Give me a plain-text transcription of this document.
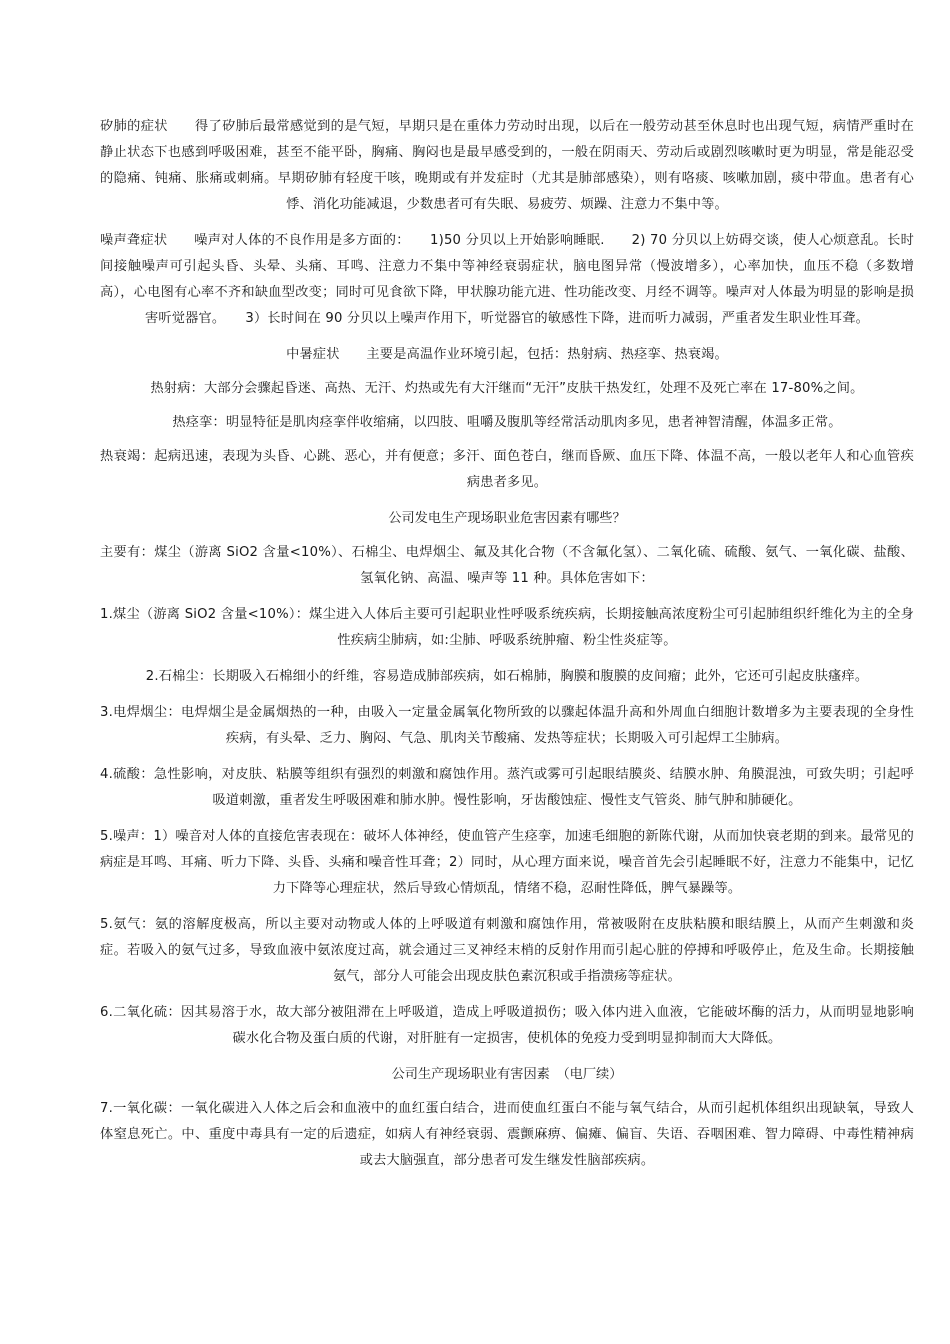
矽肺的症状　　得了矽肺后最常感觉到的是气短，早期只是在重体力劳动时出现，以后在一般劳动甚至休息时也出现气短，病情严重时在静止状态下也感到呼吸困难，甚至不能平卧，胸痛、胸闷也是最早感受到的，一般在阴雨天、劳动后或剧烈咳嗽时更为明显，常是能忍受的隐痛、钝痛、胀痛或刺痛。早期矽肺有轻度干咳，晚期或有并发症时（尤其是肺部感染），则有咯痰、咳嗽加剧，痰中带血。患者有心悸、消化功能减退，少数患者可有失眠、易疲劳、烦躁、注意力不集中等。

噪声聋症状　　噪声对人体的不良作用是多方面的：　　1)50 分贝以上开始影响睡眠.　　2) 70 分贝以上妨碍交谈，使人心烦意乱。长时间接触噪声可引起头昏、头晕、头痛、耳鸣、注意力不集中等神经衰弱症状，脑电图异常（慢波增多），心率加快，血压不稳（多数增高），心电图有心率不齐和缺血型改变；同时可见食欲下降，甲状腺功能亢进、性功能改变、月经不调等。噪声对人体最为明显的影响是损害听觉器官。　　3）长时间在 90 分贝以上噪声作用下，听觉器官的敏感性下降，进而听力减弱，严重者发生职业性耳聋。

中暑症状　　主要是高温作业环境引起，包括：热射病、热痉挛、热衰竭。

热射病：大部分会骤起昏迷、高热、无汗、灼热或先有大汗继而“无汗”皮肤干热发红，处理不及死亡率在 17-80%之间。

热痉挛：明显特征是肌肉痉挛伴收缩痛，以四肢、咀嚼及腹肌等经常活动肌肉多见，患者神智清醒，体温多正常。

热衰竭：起病迅速，表现为头昏、心跳、恶心，并有便意；多汗、面色苍白，继而昏厥、血压下降、体温不高，一般以老年人和心血管疾病患者多见。

公司发电生产现场职业危害因素有哪些？

主要有：煤尘（游离 SiO2 含量<10%）、石棉尘、电焊烟尘、氟及其化合物（不含氟化氢）、二氧化硫、硫酸、氨气、一氧化碳、盐酸、氢氧化钠、高温、噪声等 11 种。具体危害如下：

1.煤尘（游离 SiO2 含量<10%）：煤尘进入人体后主要可引起职业性呼吸系统疾病，长期接触高浓度粉尘可引起肺组织纤维化为主的全身性疾病尘肺病，如:尘肺、呼吸系统肿瘤、粉尘性炎症等。

2.石棉尘：长期吸入石棉细小的纤维，容易造成肺部疾病，如石棉肺，胸膜和腹膜的皮间瘤；此外，它还可引起皮肤瘙痒。

3.电焊烟尘：电焊烟尘是金属烟热的一种，由吸入一定量金属氧化物所致的以骤起体温升高和外周血白细胞计数增多为主要表现的全身性疾病，有头晕、乏力、胸闷、气急、肌肉关节酸痛、发热等症状；长期吸入可引起焊工尘肺病。

4.硫酸：急性影响，对皮肤、粘膜等组织有强烈的刺激和腐蚀作用。蒸汽或雾可引起眼结膜炎、结膜水肿、角膜混浊，可致失明；引起呼吸道刺激，重者发生呼吸困难和肺水肿。慢性影响，牙齿酸蚀症、慢性支气管炎、肺气肿和肺硬化。

5.噪声：1）噪音对人体的直接危害表现在：破坏人体神经，使血管产生痉挛，加速毛细胞的新陈代谢，从而加快衰老期的到来。最常见的病症是耳鸣、耳痛、听力下降、头昏、头痛和噪音性耳聋；2）同时，从心理方面来说，噪音首先会引起睡眠不好，注意力不能集中，记忆力下降等心理症状，然后导致心情烦乱，情绪不稳，忍耐性降低，脾气暴躁等。

5.氨气：氨的溶解度极高，所以主要对动物或人体的上呼吸道有刺激和腐蚀作用，常被吸附在皮肤粘膜和眼结膜上，从而产生刺激和炎症。若吸入的氨气过多，导致血液中氨浓度过高，就会通过三叉神经末梢的反射作用而引起心脏的停搏和呼吸停止，危及生命。长期接触氨气，部分人可能会出现皮肤色素沉积或手指溃疡等症状。

6.二氧化硫：因其易溶于水，故大部分被阻滞在上呼吸道，造成上呼吸道损伤；吸入体内进入血液，它能破坏酶的活力，从而明显地影响碳水化合物及蛋白质的代谢，对肝脏有一定损害，使机体的免疫力受到明显抑制而大大降低。

公司生产现场职业有害因素　（电厂续）

7.一氧化碳：一氧化碳进入人体之后会和血液中的血红蛋白结合，进而使血红蛋白不能与氧气结合，从而引起机体组织出现缺氧，导致人体窒息死亡。中、重度中毒具有一定的后遗症，如病人有神经衰弱、震颤麻痹、偏瘫、偏盲、失语、吞咽困难、智力障碍、中毒性精神病或去大脑强直，部分患者可发生继发性脑部疾病。
